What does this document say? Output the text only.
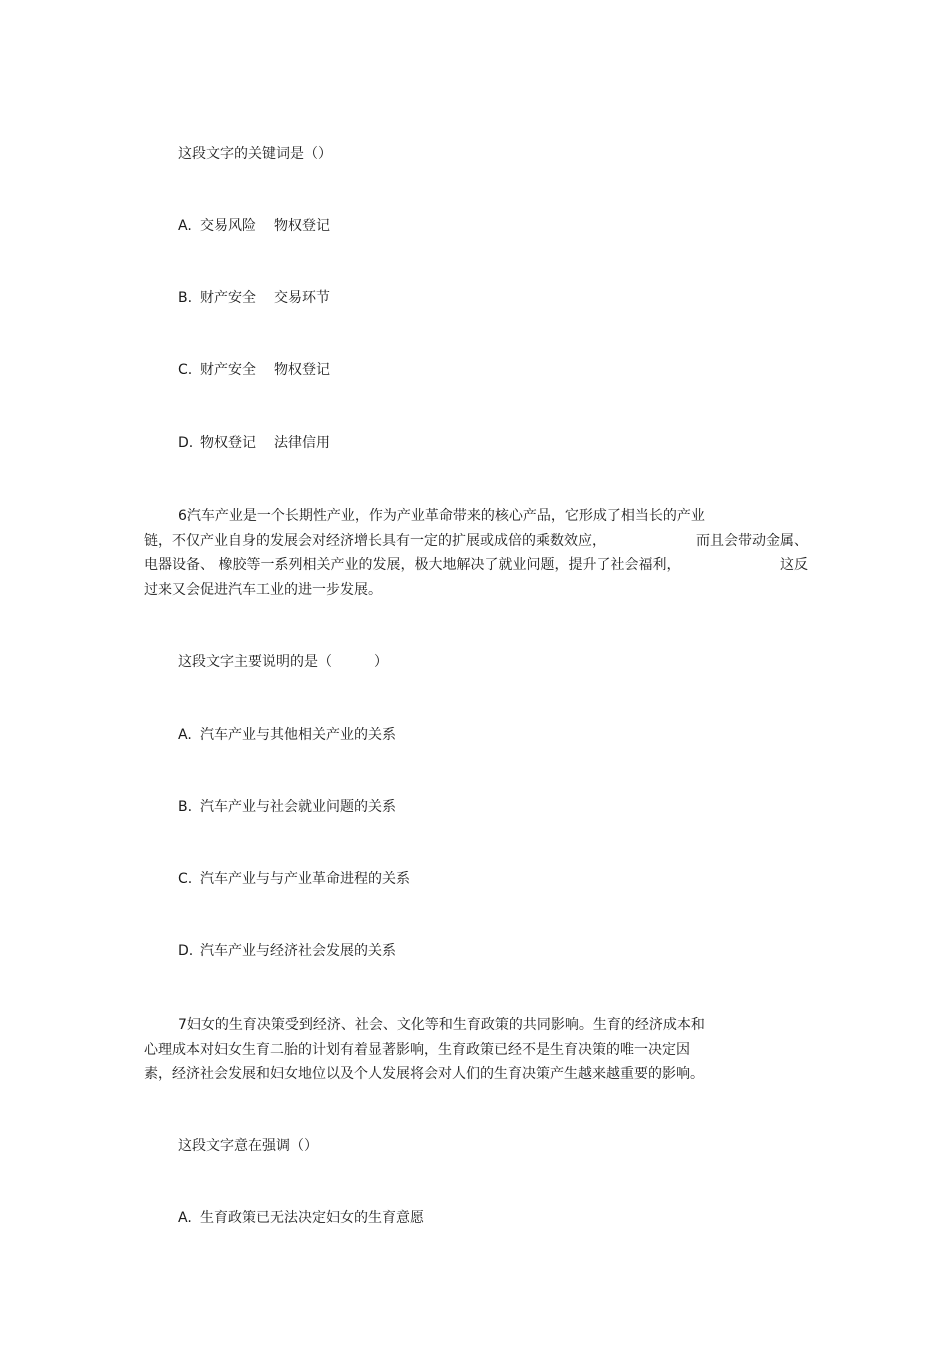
这段文字的关键词是（）
A. 交易风险 物权登记
B. 财产安全 交易环节
C. 财产安全 物权登记
D. 物权登记 法律信用
6汽车产业是一个长期性产业，作为产业革命带来的核心产品，它形成了相当长的产业
链，不仅产业自身的发展会对经济增长具有一定的扩展或成倍的乘数效应，	而且会带动金属、
电器设备、 橡胶等一系列相关产业的发展，极大地解决了就业问题，提升了社会福利，	这反
过来又会促进汽车工业的进一步发展。
这段文字主要说明的是（　　　）
A. 汽车产业与其他相关产业的关系
B. 汽车产业与社会就业问题的关系
C. 汽车产业与与产业革命进程的关系
D. 汽车产业与经济社会发展的关系
7妇女的生育决策受到经济、社会、文化等和生育政策的共同影响。生育的经济成本和
心理成本对妇女生育二胎的计划有着显著影响，生育政策已经不是生育决策的唯一决定因
素，经济社会发展和妇女地位以及个人发展将会对人们的生育决策产生越来越重要的影响。
这段文字意在强调（）
A. 生育政策已无法决定妇女的生育意愿
